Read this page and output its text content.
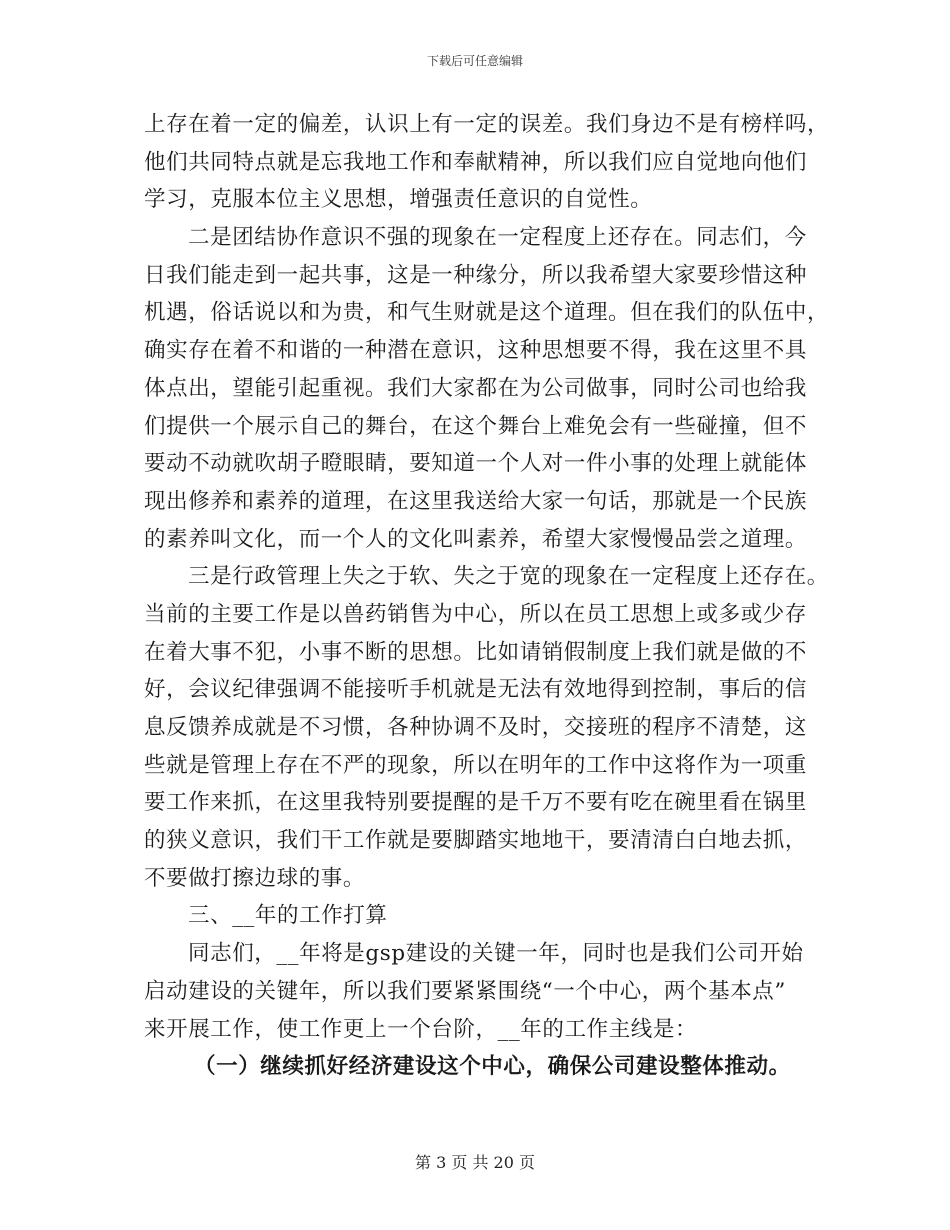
下载后可任意编辑
上存在着一定的偏差，认识上有一定的误差。我们身边不是有榜样吗，
他们共同特点就是忘我地工作和奉献精神，所以我们应自觉地向他们
学习，克服本位主义思想，增强责任意识的自觉性。
二是团结协作意识不强的现象在一定程度上还存在。同志们，今
日我们能走到一起共事，这是一种缘分，所以我希望大家要珍惜这种
机遇，俗话说以和为贵，和气生财就是这个道理。但在我们的队伍中，
确实存在着不和谐的一种潜在意识，这种思想要不得，我在这里不具
体点出，望能引起重视。我们大家都在为公司做事，同时公司也给我
们提供一个展示自己的舞台，在这个舞台上难免会有一些碰撞，但不
要动不动就吹胡子瞪眼睛，要知道一个人对一件小事的处理上就能体
现出修养和素养的道理，在这里我送给大家一句话，那就是一个民族
的素养叫文化，而一个人的文化叫素养，希望大家慢慢品尝之道理。
三是行政管理上失之于软、失之于宽的现象在一定程度上还存在。
当前的主要工作是以兽药销售为中心，所以在员工思想上或多或少存
在着大事不犯，小事不断的思想。比如请销假制度上我们就是做的不
好，会议纪律强调不能接听手机就是无法有效地得到控制，事后的信
息反馈养成就是不习惯，各种协调不及时，交接班的程序不清楚，这
些就是管理上存在不严的现象，所以在明年的工作中这将作为一项重
要工作来抓，在这里我特别要提醒的是千万不要有吃在碗里看在锅里
的狭义意识，我们干工作就是要脚踏实地地干，要清清白白地去抓，
不要做打擦边球的事。
三、__年的工作打算
同志们，__年将是gsp建设的关键一年，同时也是我们公司开始
启动建设的关键年，所以我们要紧紧围绕“一个中心，两个基本点”
来开展工作，使工作更上一个台阶，__年的工作主线是：
（一）继续抓好经济建设这个中心，确保公司建设整体推动。
第 3 页 共 20 页
